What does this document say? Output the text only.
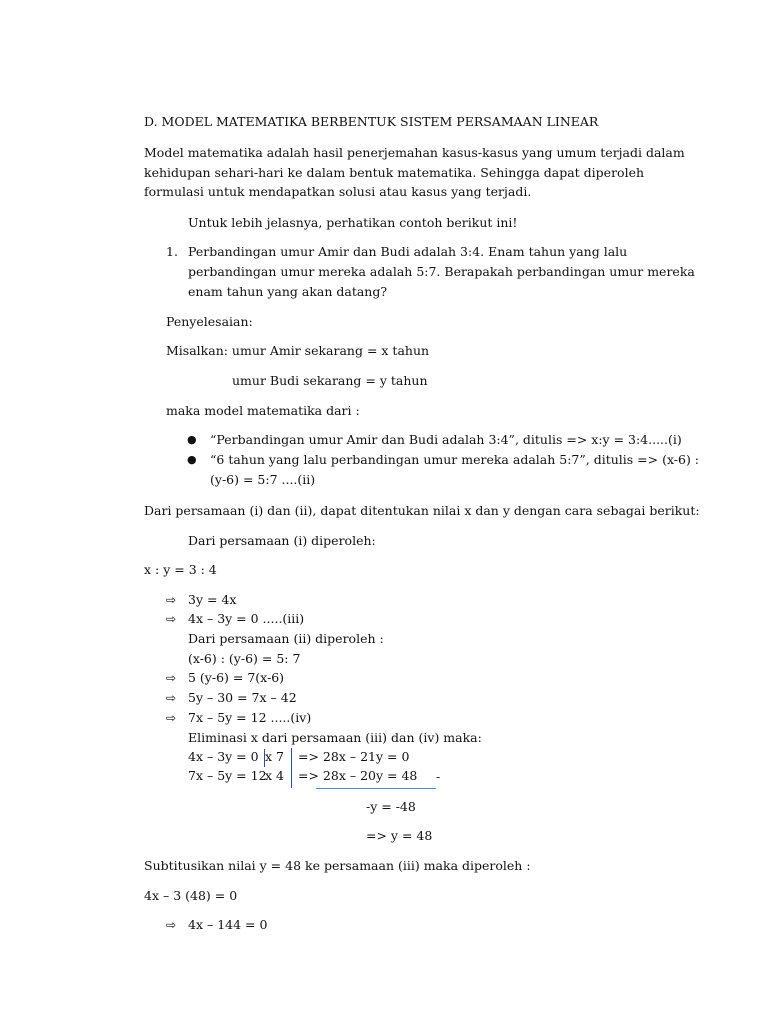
D. MODEL MATEMATIKA BERBENTUK SISTEM PERSAMAAN LINEAR
Model matematika adalah hasil penerjemahan kasus-kasus yang umum terjadi dalam
kehidupan sehari-hari ke dalam bentuk matematika. Sehingga dapat diperoleh
formulasi untuk mendapatkan solusi atau kasus yang terjadi.
Untuk lebih jelasnya, perhatikan contoh berikut ini!
1. Perbandingan umur Amir dan Budi adalah 3:4. Enam tahun yang lalu
perbandingan umur mereka adalah 5:7. Berapakah perbandingan umur mereka
enam tahun yang akan datang?
Penyelesaian:
Misalkan: umur Amir sekarang = x tahun
umur Budi sekarang = y tahun
maka model matematika dari :
● “Perbandingan umur Amir dan Budi adalah 3:4”, ditulis => x:y = 3:4.....(i)
● “6 tahun yang lalu perbandingan umur mereka adalah 5:7”, ditulis => (x-6) :
(y-6) = 5:7 ....(ii)
Dari persamaan (i) dan (ii), dapat ditentukan nilai x dan y dengan cara sebagai berikut:
Dari persamaan (i) diperoleh:
x : y = 3 : 4
⇨ 3y = 4x
⇨ 4x – 3y = 0 .....(iii)
Dari persamaan (ii) diperoleh :
(x-6) : (y-6) = 5: 7
⇨ 5 (y-6) = 7(x-6)
⇨ 5y – 30 = 7x – 42
⇨ 7x – 5y = 12 .....(iv)
Eliminasi x dari persamaan (iii) dan (iv) maka:
4x – 3y = 0 x 7 => 28x – 21y = 0
7x – 5y = 12
x 4 => 28x – 20y = 48 -
-y = -48
=> y = 48
Subtitusikan nilai y = 48 ke persamaan (iii) maka diperoleh :
4x – 3 (48) = 0
⇨ 4x – 144 = 0
